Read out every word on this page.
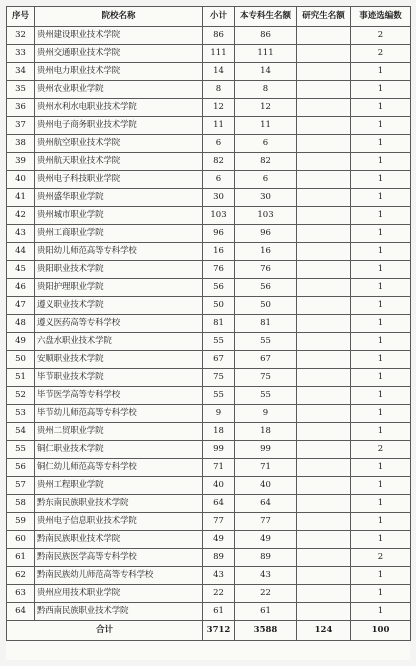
序号	院校名称	小计	本专科生名额	研究生名额	事迹选编数
32	贵州建设职业技术学院	86	86		2
33	贵州交通职业技术学院	111	111		2
34	贵州电力职业技术学院	14	14		1
35	贵州农业职业学院	8	8		1
36	贵州水利水电职业技术学院	12	12		1
37	贵州电子商务职业技术学院	11	11		1
38	贵州航空职业技术学院	6	6		1
39	贵州航天职业技术学院	82	82		1
40	贵州电子科技职业学院	6	6		1
41	贵州盛华职业学院	30	30		1
42	贵州城市职业学院	103	103		1
43	贵州工商职业学院	96	96		1
44	贵阳幼儿师范高等专科学校	16	16		1
45	贵阳职业技术学院	76	76		1
46	贵阳护理职业学院	56	56		1
47	遵义职业技术学院	50	50		1
48	遵义医药高等专科学校	81	81		1
49	六盘水职业技术学院	55	55		1
50	安顺职业技术学院	67	67		1
51	毕节职业技术学院	75	75		1
52	毕节医学高等专科学校	55	55		1
53	毕节幼儿师范高等专科学校	9	9		1
54	贵州二贸职业学院	18	18		1
55	铜仁职业技术学院	99	99		2
56	铜仁幼儿师范高等专科学校	71	71		1
57	贵州工程职业学院	40	40		1
58	黔东南民族职业技术学院	64	64		1
59	贵州电子信息职业技术学院	77	77		1
60	黔南民族职业技术学院	49	49		1
61	黔南民族医学高等专科学校	89	89		2
62	黔南民族幼儿师范高等专科学校	43	43		1
63	贵州应用技术职业学院	22	22		1
64	黔西南民族职业技术学院	61	61		1
合计		3712	3588	124	100
